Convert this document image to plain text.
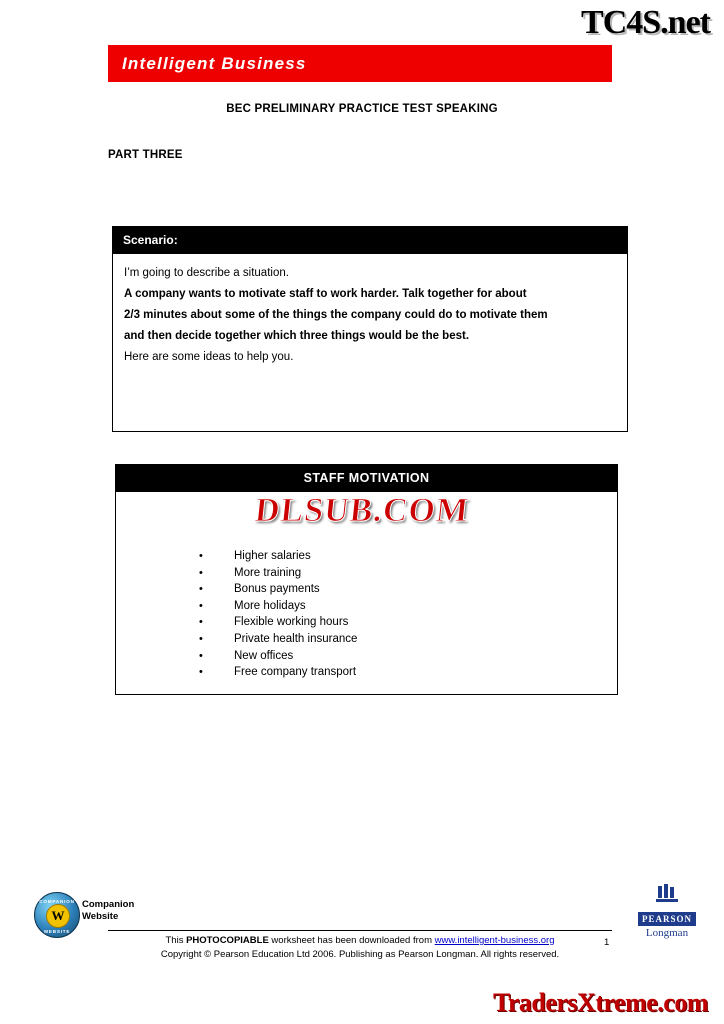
TC4S.net
Intelligent Business
BEC PRELIMINARY PRACTICE TEST SPEAKING
PART THREE
Scenario:

I’m going to describe a situation.

A company wants to motivate staff to work harder. Talk together for about

2/3 minutes about some of the things the company could do to motivate them

and then decide together which three things would be the best.

Here are some ideas to help you.

STAFF MOTIVATION
•	Higher salaries
•	More training
•	Bonus payments
•	More holidays
•	Flexible working hours
•	Private health insurance
•	New offices
•	Free company transport
DLSUB.COM
COMPANION
W
WEBSITE
Companion
Website	PEARSON
Longman
This PHOTOCOPIABLE worksheet has been downloaded from www.intelligent-business.org
Copyright © Pearson Education Ltd 2006. Publishing as Pearson Longman. All rights reserved.
1
TradersXtreme.com
